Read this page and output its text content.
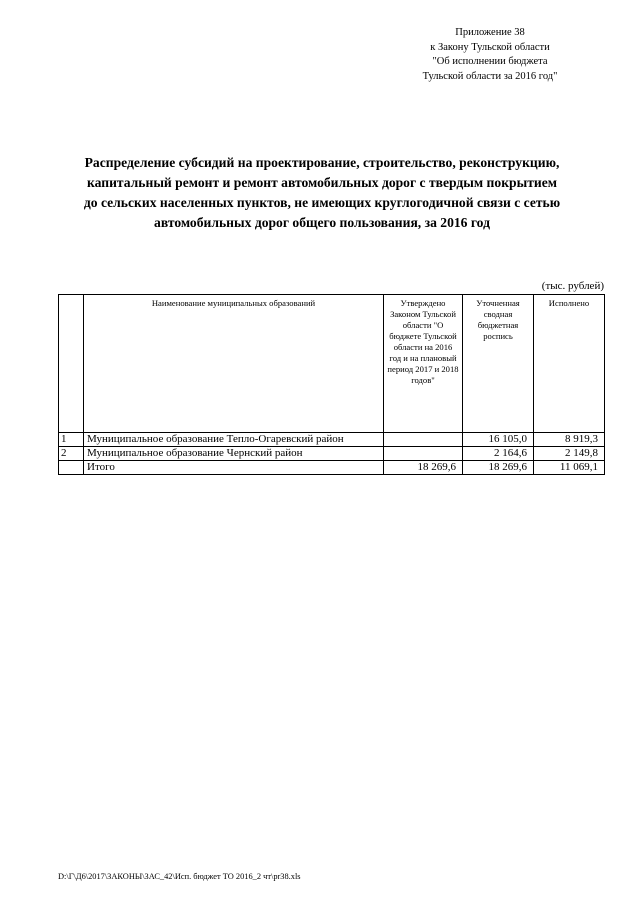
Приложение 38
к Закону Тульской области
"Об исполнении бюджета
Тульской области за 2016 год"
Распределение субсидий на проектирование, строительство, реконструкцию,
капитальный ремонт и ремонт автомобильных дорог с твердым покрытием
до сельских населенных пунктов, не имеющих круглогодичной связи с сетью
автомобильных дорог общего пользования, за 2016 год
(тыс. рублей)
	Наименование муниципальных образований	Утверждено Законом Тульской области "О бюджете Тульской области на 2016 год и на плановый период 2017 и 2018 годов"	Уточненная сводная бюджетная роспись	Исполнено
1	Муниципальное образование Тепло-Огаревский район		16 105,0	8 919,3
2	Муниципальное образование Чернский район		2 164,6	2 149,8
	Итого	18 269,6	18 269,6	11 069,1
D:\Г\Д6\2017\ЗАКОНЫ\ЗАС_42\Исп. бюджет ТО 2016_2 чт\pr38.xls
